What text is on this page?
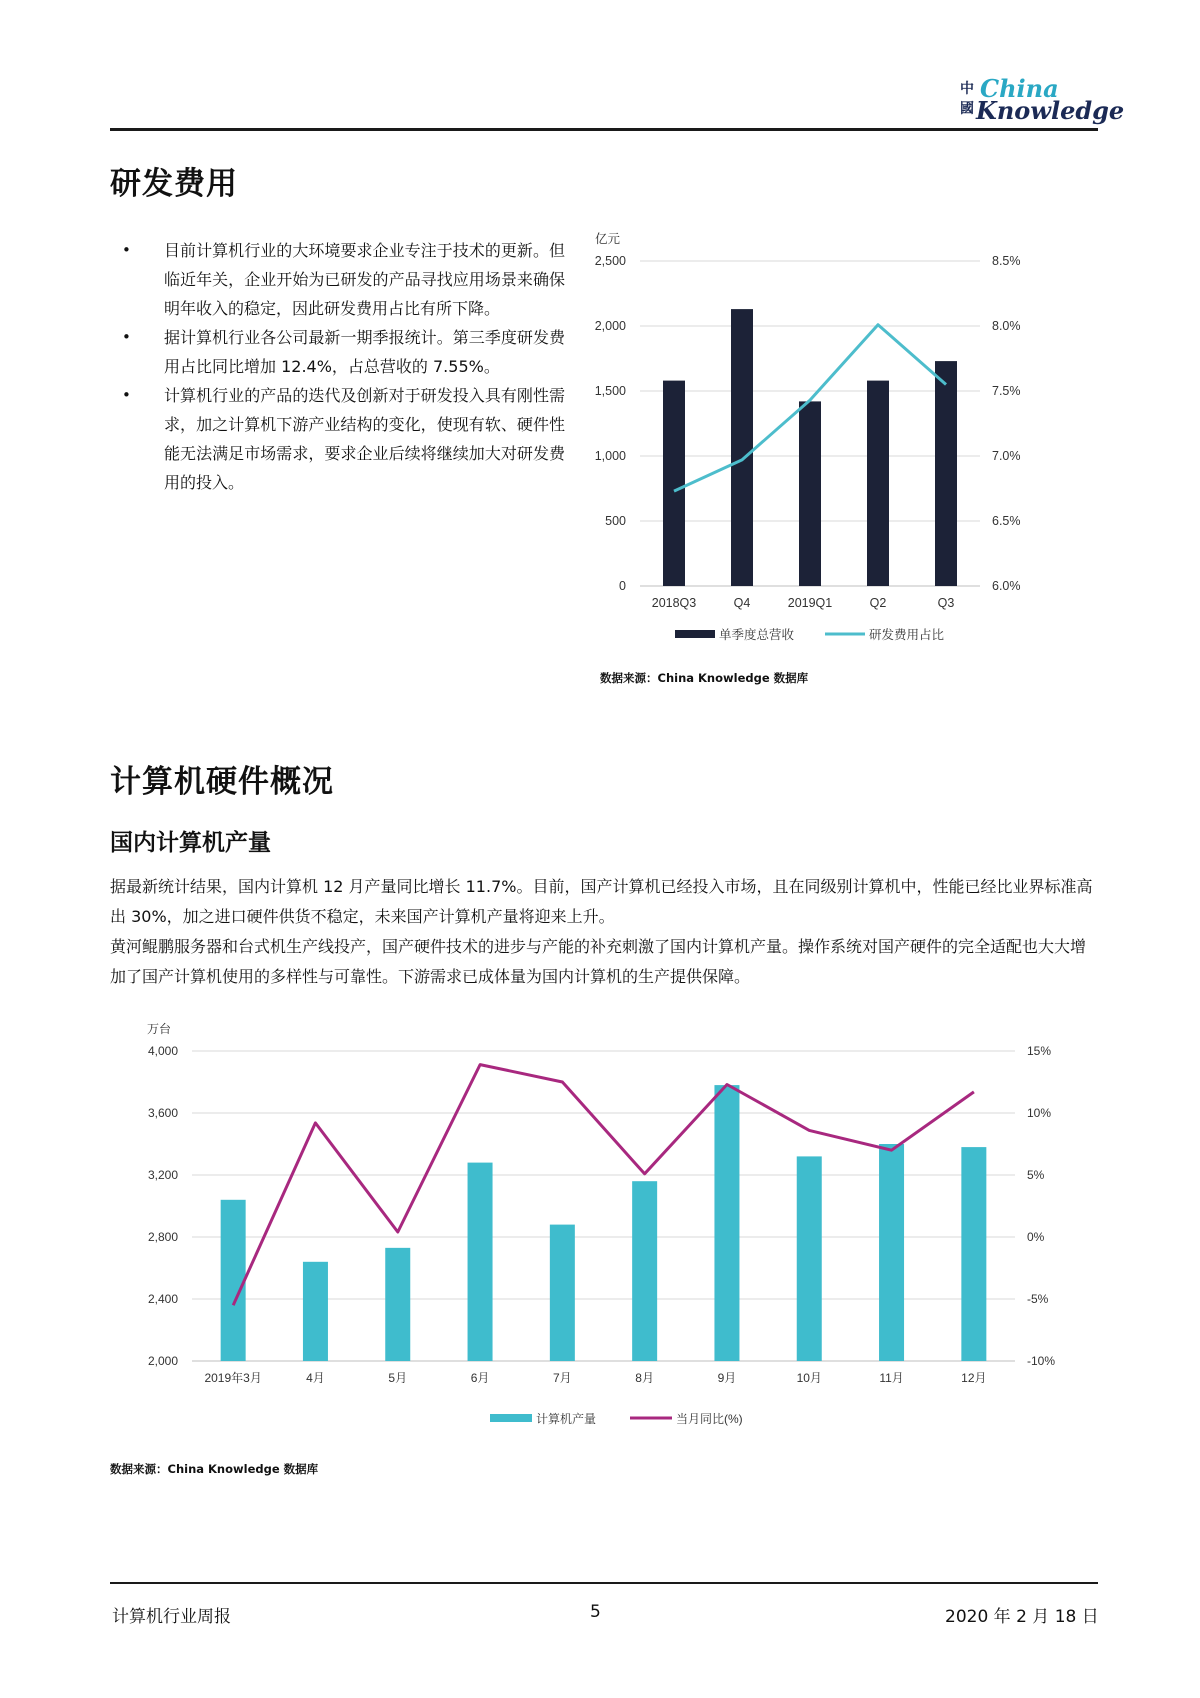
中
國
China
Knowledge
研发费用
• 目前计算机行业的大环境要求企业专注于技术的更新。但临近年关，企业开始为已研发的产品寻找应用场景来确保明年收入的稳定，因此研发费用占比有所下降。
• 据计算机行业各公司最新一期季报统计。第三季度研发费用占比同比增加 12.4%，占总营收的 7.55%。
• 计算机行业的产品的迭代及创新对于研发投入具有刚性需求，加之计算机下游产业结构的变化，使现有软、硬件性能无法满足市场需求，要求企业后续将继续加大对研发费用的投入。
亿元
0
500
1,000
1,500
2,000
2,500
6.0%
6.5%
7.0%
7.5%
8.0%
8.5%
2018Q3	Q4	2019Q1	Q2	Q3
单季度总营收	研发费用占比
数据来源：China Knowledge 数据库
计算机硬件概况
国内计算机产量

据最新统计结果，国内计算机 12 月产量同比增长 11.7%。目前，国产计算机已经投入市场，且在同级别计算机中，性能已经比业界标准高出 30%，加之进口硬件供货不稳定，未来国产计算机产量将迎来上升。

黄河鲲鹏服务器和台式机生产线投产，国产硬件技术的进步与产能的补充刺激了国内计算机产量。操作系统对国产硬件的完全适配也大大增加了国产计算机使用的多样性与可靠性。下游需求已成体量为国内计算机的生产提供保障。

万台
2,000
2,400
2,800
3,200
3,600
4,000
-10%
-5%
0%
5%
10%
15%
2019年3月	4月	5月	6月	7月	8月	9月	10月	11月	12月
计算机产量	当月同比(%)
数据来源：China Knowledge 数据库
计算机行业周报	5	2020 年 2 月 18 日
